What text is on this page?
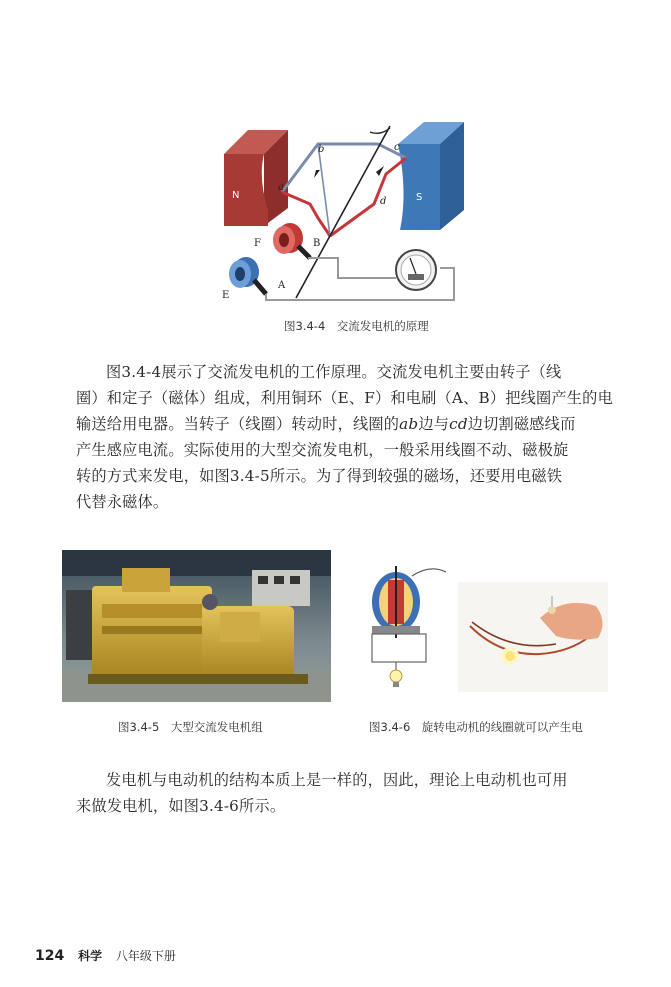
N	S
a
b	c
d
F	B
E
A
图3.4-4　交流发电机的原理

图3.4-4展示了交流发电机的工作原理。交流发电机主要由转子（线

圈）和定子（磁体）组成，利用铜环（E、F）和电刷（A、B）把线圈产生的电

输送给用电器。当转子（线圈）转动时，线圈的ab边与cd边切割磁感线而

产生感应电流。实际使用的大型交流发电机，一般采用线圈不动、磁极旋

转的方式来发电，如图3.4-5所示。为了得到较强的磁场，还要用电磁铁

代替永磁体。

图3.4-5　大型交流发电机组	图3.4-6　旋转电动机的线圈就可以产生电

发电机与电动机的结构本质上是一样的，因此，理论上电动机也可用

来做发电机，如图3.4-6所示。

124 科学 八年级下册
